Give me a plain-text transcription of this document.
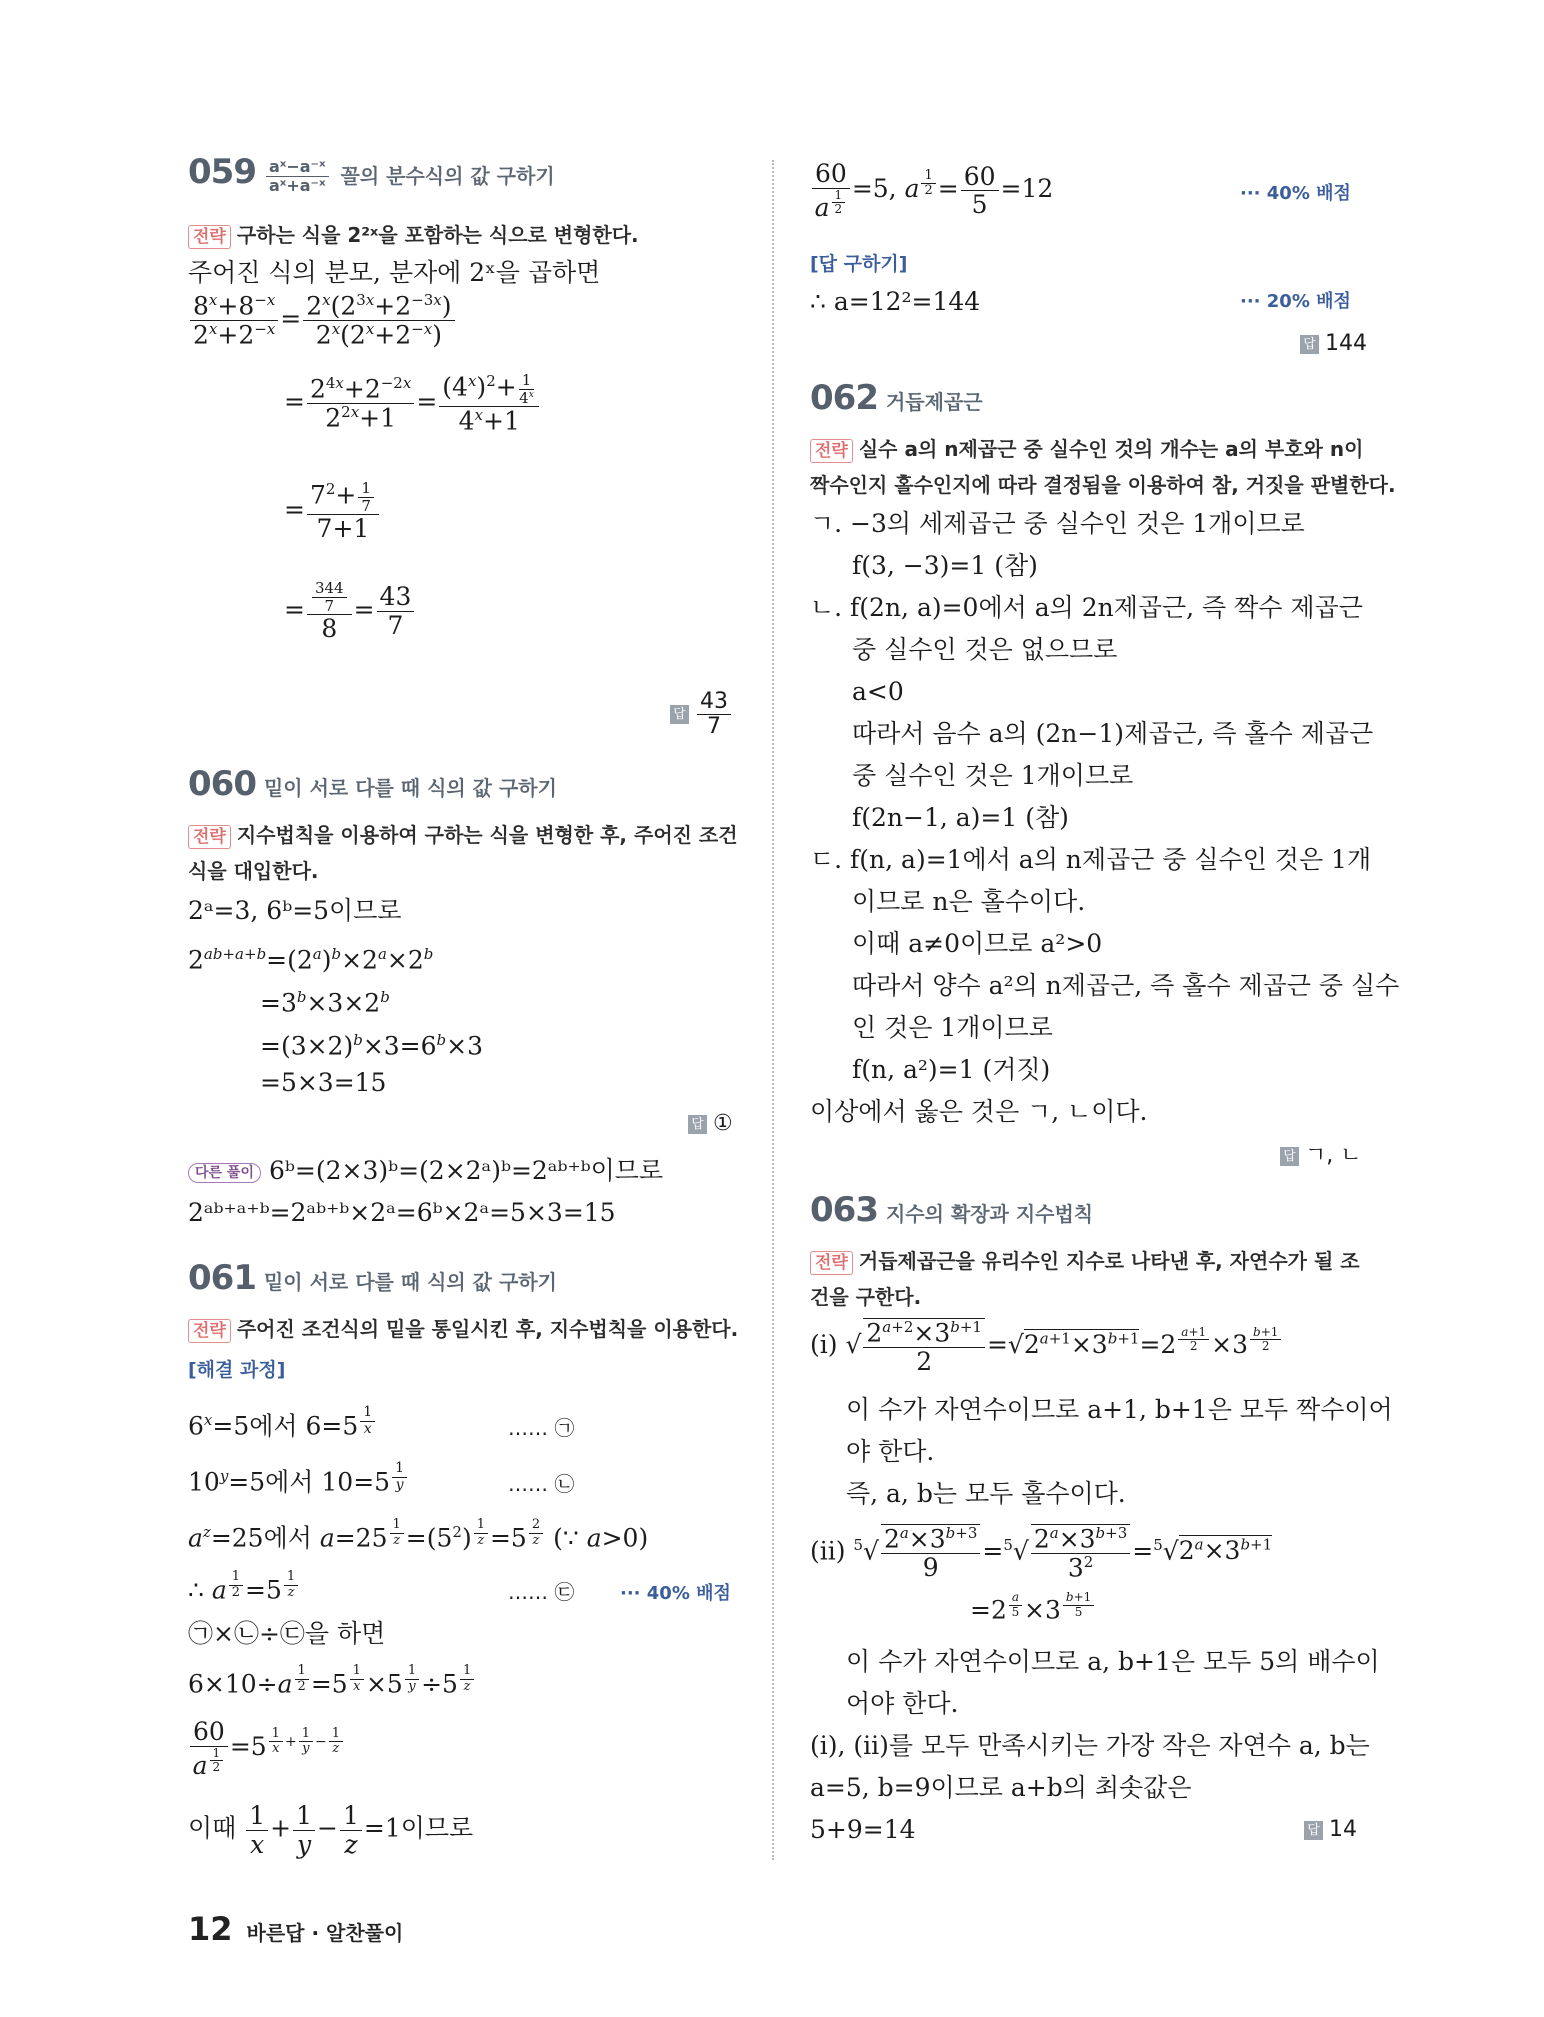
$059 \frac{\text{aˣ−a⁻ˣ}}{\text{aˣ+a⁻ˣ}}$ 꼴의 분수식의 값 구하기
전략 구하는 식을 2²ˣ을 포함하는 식으로 변형한다.
주어진 식의 분모, 분자에 2ˣ을 곱하면
$\frac{8^x+8^{-x}}{2^x+2^{-x}} = \frac{2^x(2^{3x}+2^{-3x})}{2^x(2^x+2^{-x})}$
= $\frac{2^{4x}+2^{-2x}}{2^{2x}+1} = \frac{(4^x)^2+ \frac{1}{4^x}}{4^x+1}$
= $\frac{7^2+ \frac{1}{7}}{7+1}$
= $\frac{\frac{344}{7}}{8} = \frac{43}{7}$
답 $\frac{43}{7}$
060 밑이 서로 다를 때 식의 값 구하기
전략 지수법칙을 이용하여 구하는 식을 변형한 후, 주어진 조건
식을 대입한다.
2ᵃ=3, 6ᵇ=5이므로
$2^{ab+a+b}=(2^a)^b\times 2^a\times 2^b$
$=3^b\times 3\times 2^b$
$=(3\times 2)^b\times 3=6^b\times 3$
=5×3=15
답 ①
다른 풀이 6ᵇ=(2×3)ᵇ=(2×2ᵃ)ᵇ=2ᵃᵇ⁺ᵇ이므로
2ᵃᵇ⁺ᵃ⁺ᵇ=2ᵃᵇ⁺ᵇ×2ᵃ=6ᵇ×2ᵃ=5×3=15
061 밑이 서로 다를 때 식의 값 구하기
전략 주어진 조건식의 밑을 통일시킨 후, 지수법칙을 이용한다.
[해결 과정]
$6^x=5$에서 6=5 $^{\frac{1}{x}}$	…… ㉠
$10^y=5$에서 10=5 $^{\frac{1}{y}}$	…… ㉡
$a^z=25$에서 a=25 $^{\frac{1}{z}} =(5^2)$ $^{\frac{1}{z}}$ =5 $^{\frac{2}{z}}$ (∵ a>0)
∴ a $^{\frac{1}{2}}$ =5 $^{\frac{1}{z}}$	…… ㉢	··· 40% 배점
㉠×㉡÷㉢을 하면
6×10÷a $^{\frac{1}{2}}$ =5 $^{\frac{1}{x}}$ ×5 $^{\frac{1}{y}}$ ÷5 $^{\frac{1}{z}}$
60
a $^{\frac{1}{2}}$ =5 $^{\frac{1}{x} + \frac{1}{y} - \frac{1}{z}}$
이때 $\frac{1}{x} + \frac{1}{y} - \frac{1}{z} =1$이므로
60
a $^{\frac{1}{2}}$ =5, a $^{\frac{1}{2}} = \frac{60}{5} =12$	··· 40% 배점
[답 구하기]
∴ a=12²=144	··· 20% 배점
답 144
062 거듭제곱근
전략 실수 a의 n제곱근 중 실수인 것의 개수는 a의 부호와 n이
짝수인지 홀수인지에 따라 결정됨을 이용하여 참, 거짓을 판별한다.
ㄱ. −3의 세제곱근 중 실수인 것은 1개이므로
f(3, −3)=1 (참)
ㄴ. f(2n, a)=0에서 a의 2n제곱근, 즉 짝수 제곱근
중 실수인 것은 없으므로
a<0
따라서 음수 a의 (2n−1)제곱근, 즉 홀수 제곱근
중 실수인 것은 1개이므로
f(2n−1, a)=1 (참)
ㄷ. f(n, a)=1에서 a의 n제곱근 중 실수인 것은 1개
이므로 n은 홀수이다.
이때 a≠0이므로 a²>0
따라서 양수 a²의 n제곱근, 즉 홀수 제곱근 중 실수
인 것은 1개이므로
f(n, a²)=1 (거짓)
이상에서 옳은 것은 ㄱ, ㄴ이다.
답 ㄱ, ㄴ
063 지수의 확장과 지수법칙
전략 거듭제곱근을 유리수인 지수로 나타낸 후, 자연수가 될 조
건을 구한다.
(i) √ $\frac{2^{a+2}\times 3^{b+1}}{2} =√2^{a+1}\times 3^{b+1}=2$ $^{\frac{a+1}{2}}$ ×3 $^{\frac{b+1}{2}}$
이 수가 자연수이므로 a+1, b+1은 모두 짝수이어
야 한다.
즉, a, b는 모두 홀수이다.
(ii) $^5√ \frac{2^a\times 3^{b+3}}{9} =^5√ \frac{2^a\times 3^{b+3}}{3^2} =^5√2^a\times 3^{b+1}$
=2 $^{\frac{a}{5}}$ ×3 $^{\frac{b+1}{5}}$
이 수가 자연수이므로 a, b+1은 모두 5의 배수이
어야 한다.
(i), (ii)를 모두 만족시키는 가장 작은 자연수 a, b는
a=5, b=9이므로 a+b의 최솟값은
5+9=14	답 14
12 바른답 · 알찬풀이
